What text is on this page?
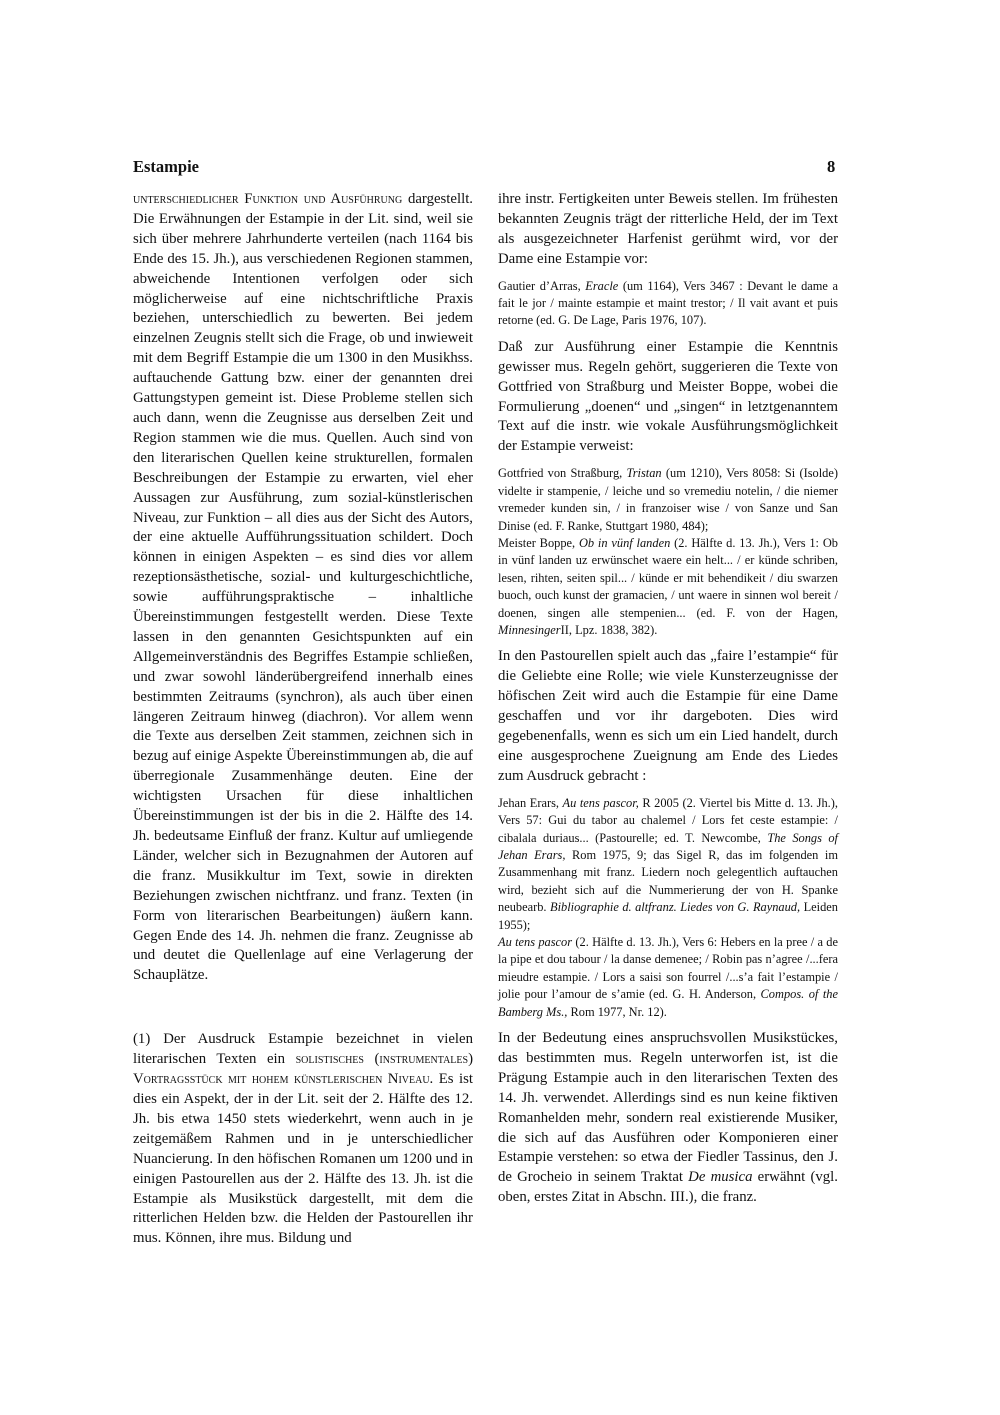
Estampie	8

unterschiedlicher Funktion und Ausführung dargestellt. Die Erwähnungen der Estampie in der Lit. sind, weil sie sich über mehrere Jahrhunderte verteilen (nach 1164 bis Ende des 15. Jh.), aus verschiedenen Regionen stammen, abweichende Intentionen verfolgen oder sich möglicherweise auf eine nichtschriftliche Praxis beziehen, unterschiedlich zu bewerten. Bei jedem einzelnen Zeugnis stellt sich die Frage, ob und inwieweit mit dem Begriff Estampie die um 1300 in den Musikhss. auftauchende Gattung bzw. einer der genannten drei Gattungstypen gemeint ist. Diese Probleme stellen sich auch dann, wenn die Zeugnisse aus derselben Zeit und Region stammen wie die mus. Quellen. Auch sind von den literarischen Quellen keine strukturellen, formalen Beschreibungen der Estampie zu erwarten, viel eher Aussagen zur Ausführung, zum sozial-künstlerischen Niveau, zur Funktion – all dies aus der Sicht des Autors, der eine aktuelle Aufführungssituation schildert. Doch können in einigen Aspekten – es sind dies vor allem rezeptionsästhetische, sozial- und kulturgeschichtliche, sowie aufführungspraktische – inhaltliche Übereinstimmungen festgestellt werden. Diese Texte lassen in den genannten Gesichtspunkten auf ein Allgemeinverständnis des Begriffes Estampie schließen, und zwar sowohl länderübergreifend innerhalb eines bestimmten Zeitraums (synchron), als auch über einen längeren Zeitraum hinweg (diachron). Vor allem wenn die Texte aus derselben Zeit stammen, zeichnen sich in bezug auf einige Aspekte Übereinstimmungen ab, die auf überregionale Zusammenhänge deuten. Eine der wichtigsten Ursachen für diese inhaltlichen Übereinstimmungen ist der bis in die 2. Hälfte des 14. Jh. bedeutsame Einfluß der franz. Kultur auf umliegende Länder, welcher sich in Bezugnahmen der Autoren auf die franz. Musikkultur im Text, sowie in direkten Beziehungen zwischen nichtfranz. und franz. Texten (in Form von literarischen Bearbeitungen) äußern kann. Gegen Ende des 14. Jh. nehmen die franz. Zeugnisse ab und deutet die Quellenlage auf eine Verlagerung der Schauplätze.

(1) Der Ausdruck Estampie bezeichnet in vielen literarischen Texten ein solistisches (instrumentales) Vortragsstück mit hohem künstlerischen Niveau. Es ist dies ein Aspekt, der in der Lit. seit der 2. Hälfte des 12. Jh. bis etwa 1450 stets wiederkehrt, wenn auch in je zeitgemäßem Rahmen und in je unterschiedlicher Nuancierung. In den höfischen Romanen um 1200 und in einigen Pastourellen aus der 2. Hälfte des 13. Jh. ist die Estampie als Musikstück dargestellt, mit dem die ritterlichen Helden bzw. die Helden der Pastourellen ihr mus. Können, ihre mus. Bildung und

ihre instr. Fertigkeiten unter Beweis stellen. Im frühesten bekannten Zeugnis trägt der ritterliche Held, der im Text als ausgezeichneter Harfenist gerühmt wird, vor der Dame eine Estampie vor:

Gautier d’Arras, Eracle (um 1164), Vers 3467 : Devant le dame a fait le jor / mainte estampie et maint trestor; / Il vait avant et puis retorne (ed. G. De Lage, Paris 1976, 107).

Daß zur Ausführung einer Estampie die Kenntnis gewisser mus. Regeln gehört, suggerieren die Texte von Gottfried von Straßburg und Meister Boppe, wobei die Formulierung „doenen“ und „singen“ in letztgenanntem Text auf die instr. wie vokale Ausführungsmöglichkeit der Estampie verweist:

Gottfried von Straßburg, Tristan (um 1210), Vers 8058: Si (Isolde) videlte ir stampenie, / leiche und so vremediu notelin, / die niemer vremeder kunden sin, / in franzoiser wise / von Sanze und San Dinise (ed. F. Ranke, Stuttgart 1980, 484);

Meister Boppe, Ob in vünf landen (2. Hälfte d. 13. Jh.), Vers 1: Ob in vünf landen uz erwünschet waere ein helt... / er künde schriben, lesen, rihten, seiten spil... / künde er mit behendikeit / diu swarzen buoch, ouch kunst der gramacien, / unt waere in sinnen wol bereit / doenen, singen alle stempenien... (ed. F. von der Hagen, MinnesingerII, Lpz. 1838, 382).

In den Pastourellen spielt auch das „faire l’estampie“ für die Geliebte eine Rolle; wie viele Kunsterzeugnisse der höfischen Zeit wird auch die Estampie für eine Dame geschaffen und vor ihr dargeboten. Dies wird gegebenenfalls, wenn es sich um ein Lied handelt, durch eine ausgesprochene Zueignung am Ende des Liedes zum Ausdruck gebracht :

Jehan Erars, Au tens pascor, R 2005 (2. Viertel bis Mitte d. 13. Jh.), Vers 57: Gui du tabor au chalemel / Lors fet ceste estampie: / cibalala duriaus... (Pastourelle; ed. T. Newcombe, The Songs of Jehan Erars, Rom 1975, 9; das Sigel R, das im folgenden im Zusammenhang mit franz. Liedern noch gelegentlich auftauchen wird, bezieht sich auf die Nummerierung der von H. Spanke neubearb. Bibliographie d. altfranz. Liedes von G. Raynaud, Leiden 1955);

Au tens pascor (2. Hälfte d. 13. Jh.), Vers 6: Hebers en la pree / a de la pipe et dou tabour / la danse demenee; / Robin pas n’agree /...fera mieudre estampie. / Lors a saisi son fourrel /...s’a fait l’estampie / jolie pour l’amour de s’amie (ed. G. H. Anderson, Compos. of the Bamberg Ms., Rom 1977, Nr. 12).

In der Bedeutung eines anspruchsvollen Musikstückes, das bestimmten mus. Regeln unterworfen ist, ist die Prägung Estampie auch in den literarischen Texten des 14. Jh. verwendet. Allerdings sind es nun keine fiktiven Romanhelden mehr, sondern real existierende Musiker, die sich auf das Ausführen oder Komponieren einer Estampie verstehen: so etwa der Fiedler Tassinus, den J. de Grocheio in seinem Traktat De musica erwähnt (vgl. oben, erstes Zitat in Abschn. III.), die franz.
